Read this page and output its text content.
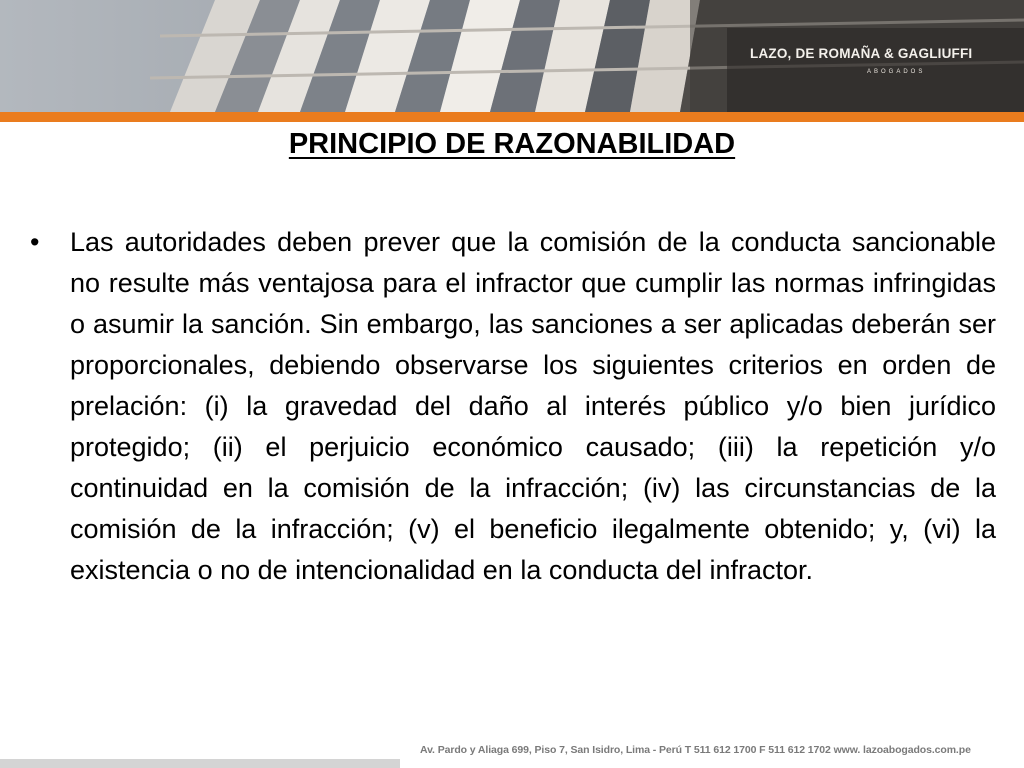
LAZO, DE ROMAÑA & GAGLIUFFI
ABOGADOS
PRINCIPIO DE RAZONABILIDAD
• Las autoridades deben prever que la comisión de la conducta sancionable no resulte más ventajosa para el infractor que cumplir las normas infringidas o asumir la sanción. Sin embargo, las sanciones a ser aplicadas deberán ser proporcionales, debiendo observarse los siguientes criterios en orden de prelación: (i) la gravedad del daño al interés público y/o bien jurídico protegido; (ii) el perjuicio económico causado; (iii) la repetición y/o continuidad en la comisión de la infracción; (iv) las circunstancias de la comisión de la infracción; (v) el beneficio ilegalmente obtenido; y, (vi) la existencia o no de intencionalidad en la conducta del infractor.
Av. Pardo y Aliaga 699, Piso 7, San Isidro, Lima - Perú T 511 612 1700 F 511 612 1702 www. lazoabogados.com.pe
